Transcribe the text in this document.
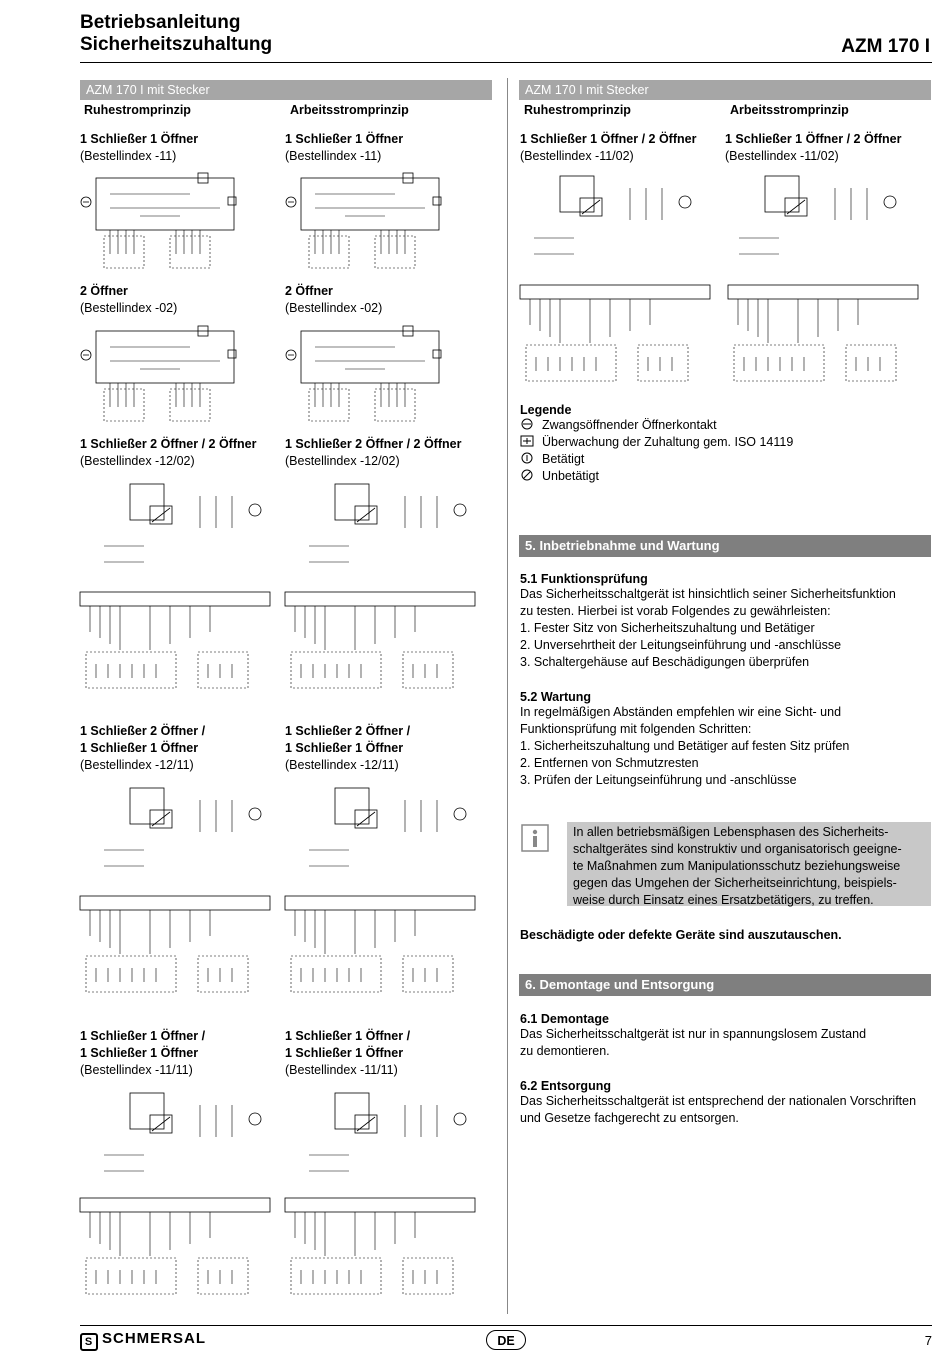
Betriebsanleitung
Sicherheitszuhaltung	AZM 170 I
AZM 170 I mit Stecker
Ruhestromprinzip	Arbeitsstromprinzip
AZM 170 I mit Stecker
Ruhestromprinzip	Arbeitsstromprinzip
1 Schließer 1 Öffner
(Bestellindex -11)
1 Schließer 1 Öffner
(Bestellindex -11)
2 Öffner
(Bestellindex -02)
2 Öffner
(Bestellindex -02)
1 Schließer 2 Öffner / 2 Öffner
(Bestellindex -12/02)
1 Schließer 2 Öffner / 2 Öffner
(Bestellindex -12/02)
1 Schließer 2 Öffner /
1 Schließer 1 Öffner
(Bestellindex -12/11)
1 Schließer 2 Öffner /
1 Schließer 1 Öffner
(Bestellindex -12/11)
1 Schließer 1 Öffner /
1 Schließer 1 Öffner
(Bestellindex -11/11)
1 Schließer 1 Öffner /
1 Schließer 1 Öffner
(Bestellindex -11/11)
1 Schließer 1 Öffner / 2 Öffner
(Bestellindex -11/02)
1 Schließer 1 Öffner / 2 Öffner
(Bestellindex -11/02)
Legende
Zwangsöffnender Öffnerkontakt
Überwachung der Zuhaltung gem. ISO 14119
Betätigt
Unbetätigt
5. Inbetriebnahme und Wartung
5.1 Funktionsprüfung
Das Sicherheitsschaltgerät ist hinsichtlich seiner Sicherheitsfunktion
zu testen. Hierbei ist vorab Folgendes zu gewährleisten:
1. Fester Sitz von Sicherheitszuhaltung und Betätiger
2. Unversehrtheit der Leitungseinführung und -anschlüsse
3. Schaltergehäuse auf Beschädigungen überprüfen
5.2 Wartung
In regelmäßigen Abständen empfehlen wir eine Sicht- und
Funktionsprüfung mit folgenden Schritten:
1. Sicherheitszuhaltung und Betätiger auf festen Sitz prüfen
2. Entfernen von Schmutzresten
3. Prüfen der Leitungseinführung und -anschlüsse
In allen betriebsmäßigen Lebensphasen des Sicherheits-
schaltgerätes sind konstruktiv und organisatorisch geeigne-
te Maßnahmen zum Manipulationsschutz beziehungsweise
gegen das Umgehen der Sicherheitseinrichtung, beispiels-
weise durch Einsatz eines Ersatzbetätigers, zu treffen.
Beschädigte oder defekte Geräte sind auszutauschen.
6. Demontage und Entsorgung
6.1 Demontage
Das Sicherheitsschaltgerät ist nur in spannungslosem Zustand
zu demontieren.
6.2 Entsorgung
Das Sicherheitsschaltgerät ist entsprechend der nationalen Vorschriften
und Gesetze fachgerecht zu entsorgen.
S SCHMERSAL	DE	7
